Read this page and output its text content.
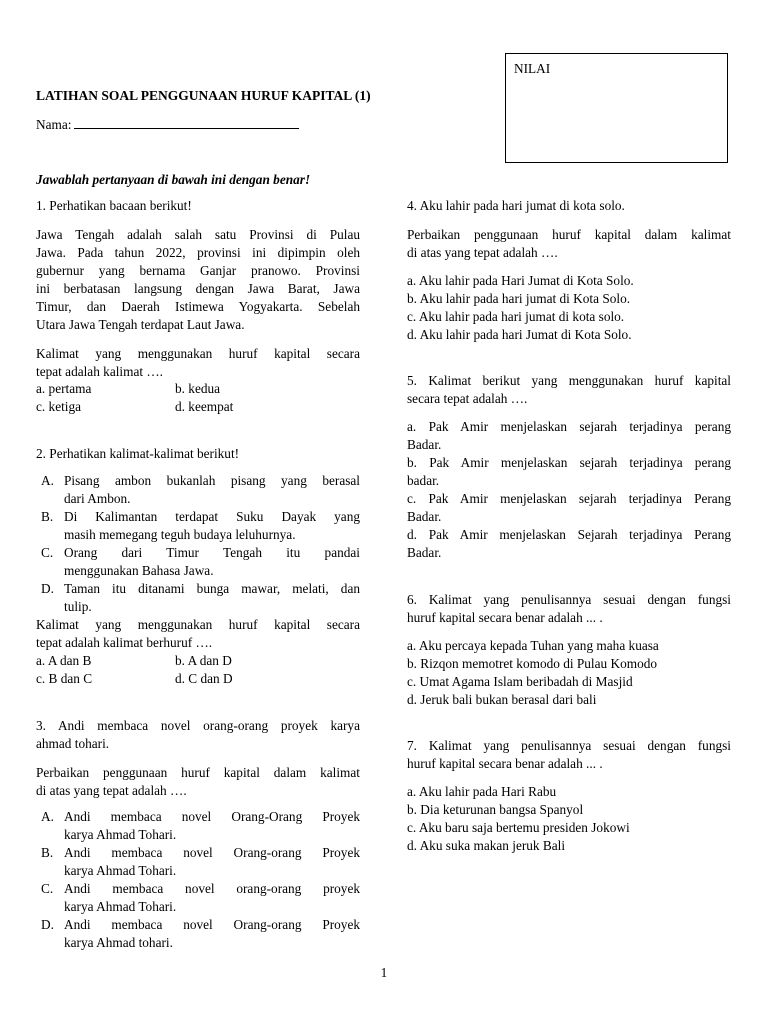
NILAI
LATIHAN SOAL PENGGUNAAN HURUF KAPITAL (1)
Nama:
Jawablah pertanyaan di bawah ini dengan benar!
1. Perhatikan bacaan berikut!

Jawa Tengah adalah salah satu Provinsi di Pulau

Jawa. Pada tahun 2022, provinsi ini dipimpin oleh

gubernur yang bernama Ganjar pranowo. Provinsi

ini berbatasan langsung dengan Jawa Barat, Jawa

Timur, dan Daerah Istimewa Yogyakarta. Sebelah

Utara Jawa Tengah terdapat Laut Jawa.

Kalimat yang menggunakan huruf kapital secara

tepat adalah kalimat ….

a. pertama	b. kedua
c. ketiga	d. keempat
2. Perhatikan kalimat-kalimat berikut!
A. Pisang ambon bukanlah pisang yang berasal

dari Ambon.

B. Di Kalimantan terdapat Suku Dayak yang

masih memegang teguh budaya leluhurnya.

C. Orang dari Timur Tengah itu pandai

menggunakan Bahasa Jawa.

D. Taman itu ditanami bunga mawar, melati, dan

tulip.

Kalimat yang menggunakan huruf kapital secara

tepat adalah kalimat berhuruf ….

a. A dan B	b. A dan D
c. B dan C	d. C dan D

3. Andi membaca novel orang-orang proyek karya

ahmad tohari.

Perbaikan penggunaan huruf kapital dalam kalimat

di atas yang tepat adalah ….

A. Andi membaca novel Orang-Orang Proyek

karya Ahmad Tohari.

B. Andi membaca novel Orang-orang Proyek

karya Ahmad Tohari.

C. Andi membaca novel orang-orang proyek

karya Ahmad Tohari.

D. Andi membaca novel Orang-orang Proyek

karya Ahmad tohari.

4. Aku lahir pada hari jumat di kota solo.

Perbaikan penggunaan huruf kapital dalam kalimat

di atas yang tepat adalah ….

a. Aku lahir pada Hari Jumat di Kota Solo.

b. Aku lahir pada hari jumat di Kota Solo.

c. Aku lahir pada hari jumat di kota solo.

d. Aku lahir pada hari Jumat di Kota Solo.

5. Kalimat berikut yang menggunakan huruf kapital

secara tepat adalah ….

a. Pak Amir menjelaskan sejarah terjadinya perang

Badar.

b. Pak Amir menjelaskan sejarah terjadinya perang

badar.

c. Pak Amir menjelaskan sejarah terjadinya Perang

Badar.

d. Pak Amir menjelaskan Sejarah terjadinya Perang

Badar.

6. Kalimat yang penulisannya sesuai dengan fungsi

huruf kapital secara benar adalah ... .

a. Aku percaya kepada Tuhan yang maha kuasa

b. Rizqon memotret komodo di Pulau Komodo

c. Umat Agama Islam beribadah di Masjid

d. Jeruk bali bukan berasal dari bali

7. Kalimat yang penulisannya sesuai dengan fungsi

huruf kapital secara benar adalah ... .

a. Aku lahir pada Hari Rabu

b. Dia keturunan bangsa Spanyol

c. Aku baru saja bertemu presiden Jokowi

d. Aku suka makan jeruk Bali

1
